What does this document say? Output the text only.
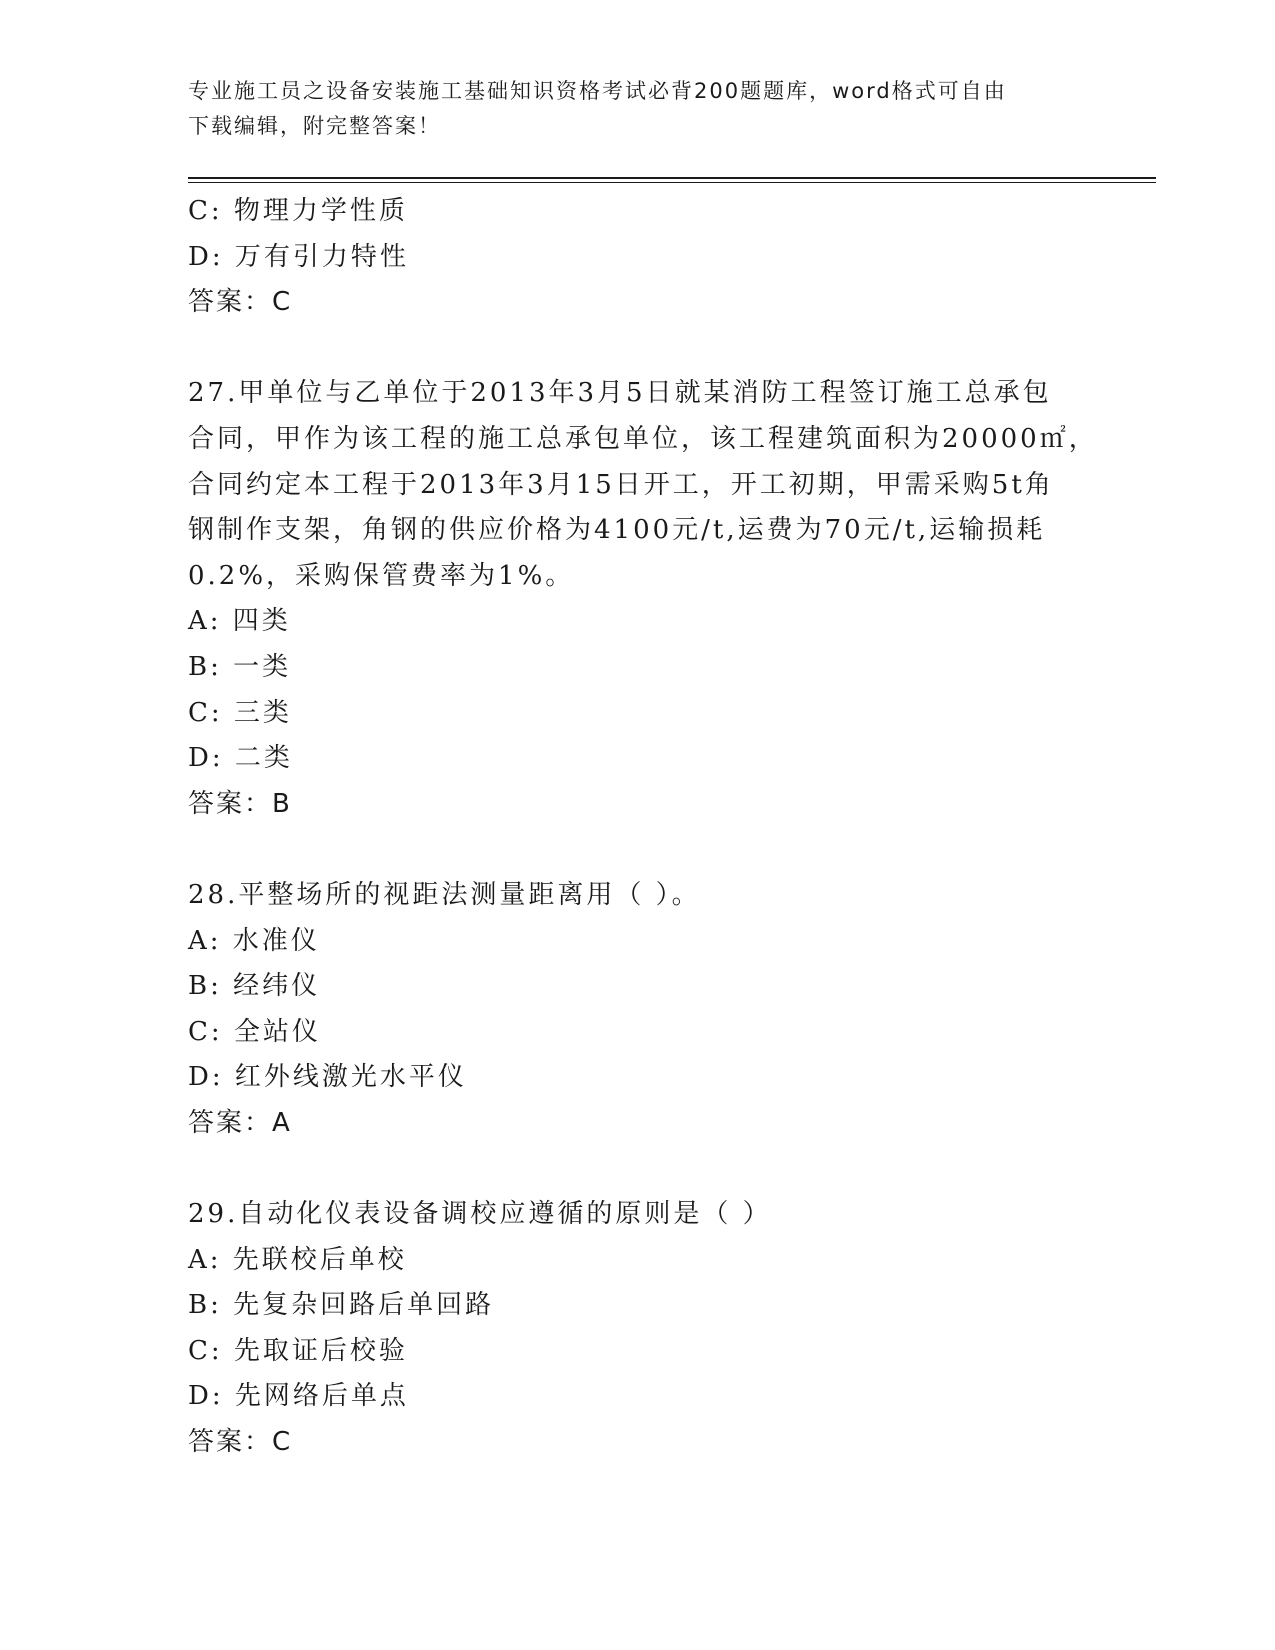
专业施工员之设备安装施工基础知识资格考试必背200题题库，word格式可自由
下载编辑，附完整答案！
C: 物理力学性质
D: 万有引力特性
答案：C
27.甲单位与乙单位于2013年3月5日就某消防工程签订施工总承包
合同，甲作为该工程的施工总承包单位，该工程建筑面积为20000㎡，
合同约定本工程于2013年3月15日开工，开工初期，甲需采购5t角
钢制作支架，角钢的供应价格为4100元/t,运费为70元/t,运输损耗
0.2%，采购保管费率为1%。
A: 四类
B: 一类
C: 三类
D: 二类
答案：B
28.平整场所的视距法测量距离用（ ）。
A: 水准仪
B: 经纬仪
C: 全站仪
D: 红外线激光水平仪
答案：A
29.自动化仪表设备调校应遵循的原则是（ ）
A: 先联校后单校
B: 先复杂回路后单回路
C: 先取证后校验
D: 先网络后单点
答案：C
